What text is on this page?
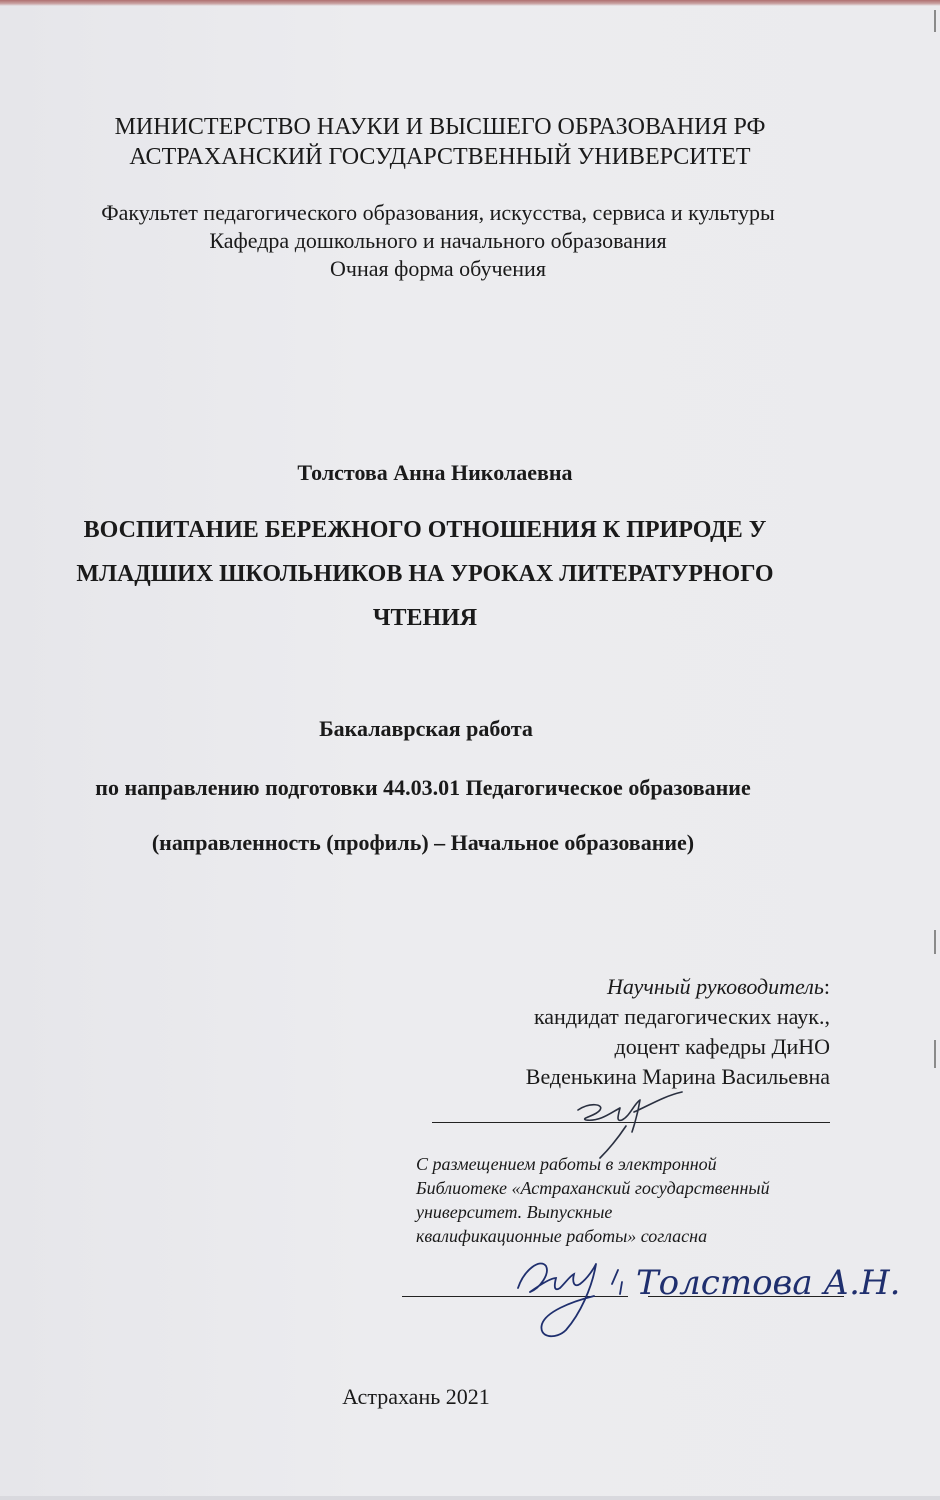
МИНИСТЕРСТВО НАУКИ И ВЫСШЕГО ОБРАЗОВАНИЯ РФ
АСТРАХАНСКИЙ ГОСУДАРСТВЕННЫЙ УНИВЕРСИТЕТ
Факультет педагогического образования, искусства, сервиса и культуры
Кафедра дошкольного и начального образования
Очная форма обучения
Толстова Анна Николаевна
ВОСПИТАНИЕ БЕРЕЖНОГО ОТНОШЕНИЯ К ПРИРОДЕ У
МЛАДШИХ ШКОЛЬНИКОВ НА УРОКАХ ЛИТЕРАТУРНОГО
ЧТЕНИЯ
Бакалаврская работа
по направлению подготовки 44.03.01 Педагогическое образование
(направленность (профиль) – Начальное образование)
Научный руководитель:
кандидат педагогических наук.,
доцент кафедры ДиНО
Веденькина Марина Васильевна
С размещением работы в электронной
Библиотеке «Астраханский государственный
университет. Выпускные
квалификационные работы» согласна
Толстова А.Н.
Астрахань 2021
